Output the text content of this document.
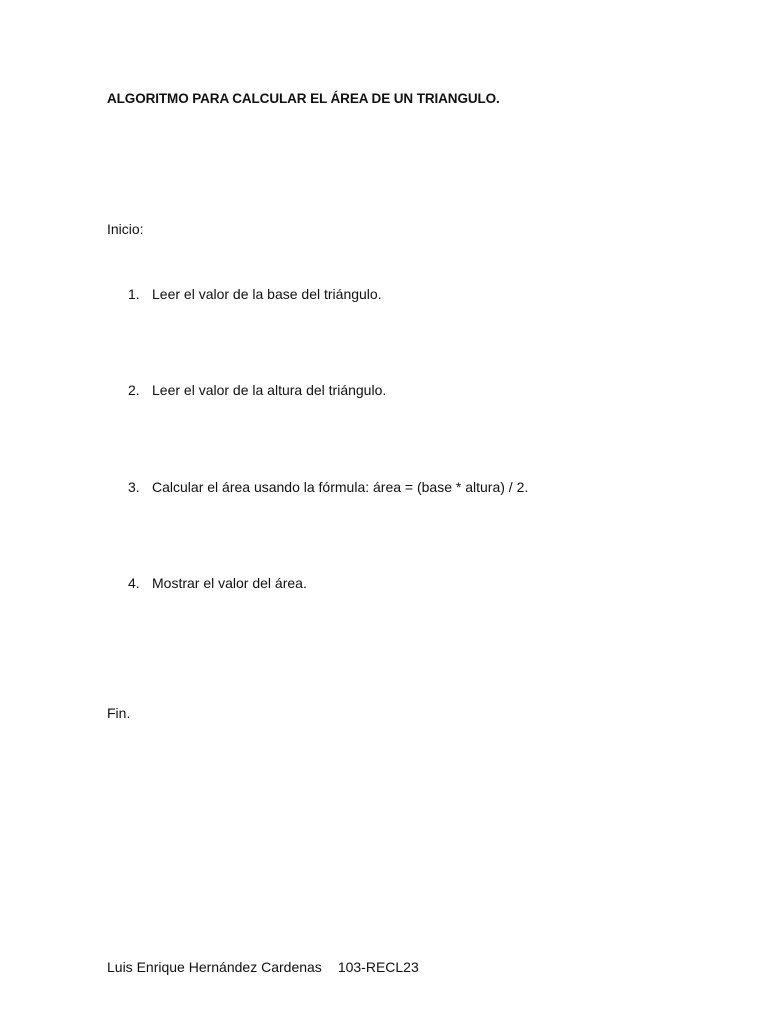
ALGORITMO PARA CALCULAR EL ÁREA DE UN TRIANGULO.
Inicio:
1. Leer el valor de la base del triángulo.
2. Leer el valor de la altura del triángulo.
3. Calcular el área usando la fórmula: área = (base * altura) / 2.
4. Mostrar el valor del área.
Fin.
Luis Enrique Hernández Cardenas 103-RECL23
